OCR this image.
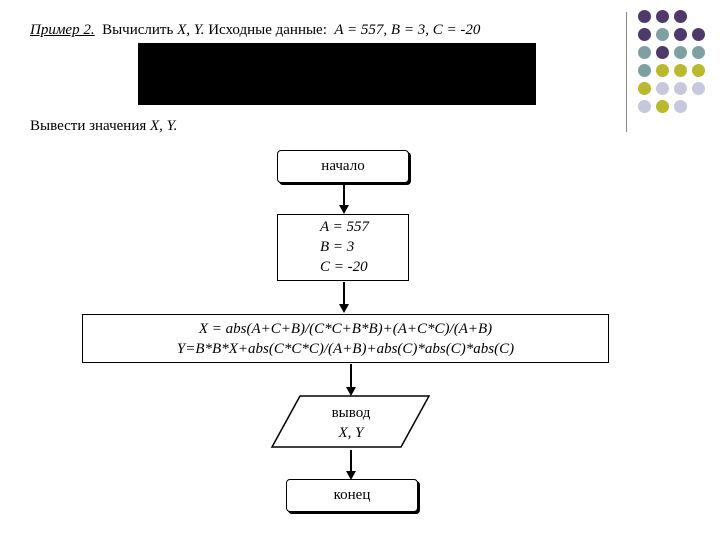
Пример 2. Вычислить X, Y. Исходные данные: A = 557, B = 3, C = -20
Вывести значения X, Y.
начало
A = 557
B = 3
C = -20
X = abs(A+C+B)/(C*C+B*B)+(A+C*C)/(A+B)
Y=B*B*X+abs(C*C*C)/(A+B)+abs(C)*abs(C)*abs(C)
вывод
X, Y
конец
